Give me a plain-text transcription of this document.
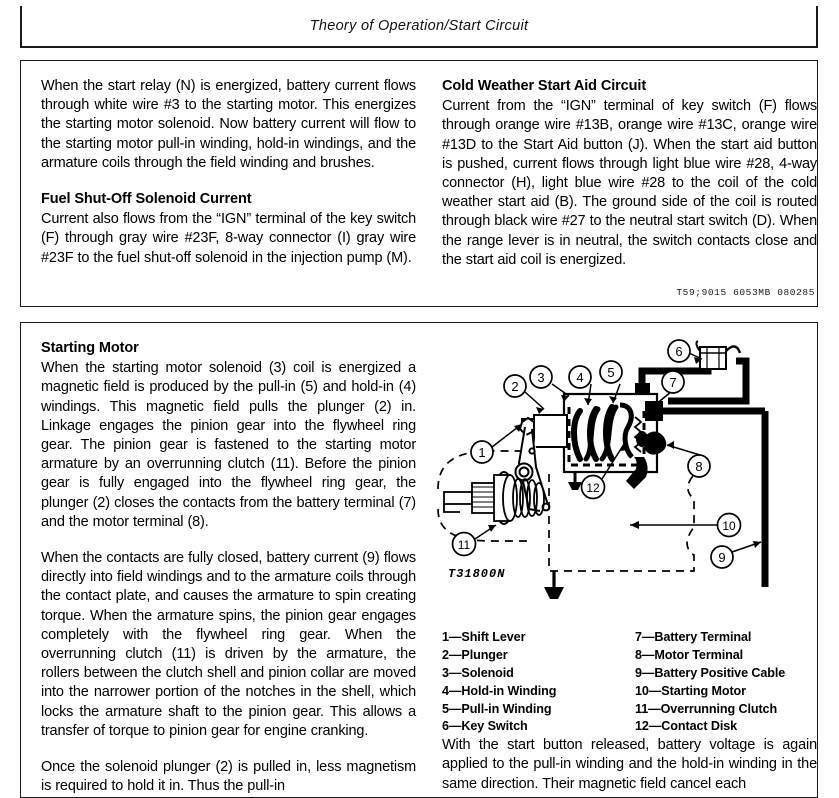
Theory of Operation/Start Circuit

When the start relay (N) is energized, battery current flows through white wire #3 to the starting motor. This energizes the starting motor solenoid. Now battery current will flow to the starting motor pull-in winding, hold-in windings, and the armature coils through the field winding and brushes.

Fuel Shut-Off Solenoid Current

Current also flows from the “IGN” terminal of the key switch (F) through gray wire #23F, 8-way connector (I) gray wire #23F to the fuel shut-off solenoid in the injection pump (M).

Cold Weather Start Aid Circuit

Current from the “IGN” terminal of key switch (F) flows through orange wire #13B, orange wire #13C, orange wire #13D to the Start Aid button (J). When the start aid button is pushed, current flows through light blue wire #28, 4-way connector (H), light blue wire #28 to the coil of the cold weather start aid (B). The ground side of the coil is routed through black wire #27 to the neutral start switch (D). When the range lever is in neutral, the switch contacts close and the start aid coil is energized.

T59;9015 6053MB 080285
Starting Motor

When the starting motor solenoid (3) coil is energized a magnetic field is produced by the pull-in (5) and hold-in (4) windings. This magnetic field pulls the plunger (2) in. Linkage engages the pinion gear into the flywheel ring gear. The pinion gear is fastened to the starting motor armature by an overrunning clutch (11). Before the pinion gear is fully engaged into the flywheel ring gear, the plunger (2) closes the contacts from the battery terminal (7) and the motor terminal (8).

When the contacts are fully closed, battery current (9) flows directly into field windings and to the armature coils through the contact plate, and causes the armature to spin creating torque. When the armature spins, the pinion gear engages completely with the flywheel ring gear. When the overrunning clutch (11) is driven by the armature, the rollers between the clutch shell and pinion collar are moved into the narrower portion of the notches in the shell, which locks the armature shaft to the pinion gear. This allows a transfer of torque to pinion gear for engine cranking.

Once the solenoid plunger (2) is pulled in, less magnetism is required to hold it in. Thus the pull-in

1
2
3 4 5
6
7
8
9
10
11
12
T31800N
1—Shift Lever
2—Plunger
3—Solenoid
4—Hold-in Winding
5—Pull-in Winding
6—Key Switch
7—Battery Terminal
8—Motor Terminal
9—Battery Positive Cable
10—Starting Motor
11—Overrunning Clutch
12—Contact Disk

With the start button released, battery voltage is again applied to the pull-in winding and the hold-in winding in the same direction. Their magnetic field cancel each
